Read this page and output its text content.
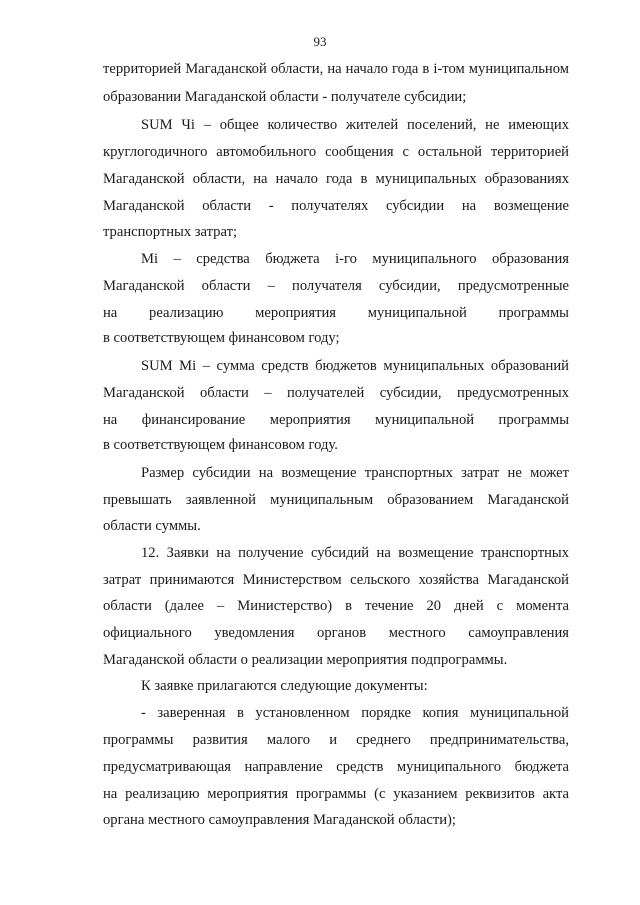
93
территорией Магаданской области, на начало года в i-том муниципальном
образовании Магаданской области - получателе субсидии;
SUM Чi – общее количество жителей поселений, не имеющих
круглогодичного автомобильного сообщения с остальной территорией
Магаданской области, на начало года в муниципальных образованиях
Магаданской области - получателях субсидии на возмещение
транспортных затрат;
Mi – средства бюджета i-го муниципального образования
Магаданской области – получателя субсидии, предусмотренные
на реализацию мероприятия муниципальной программы
в соответствующем финансовом году;
SUM Mi – сумма средств бюджетов муниципальных образований
Магаданской области – получателей субсидии, предусмотренных
на финансирование мероприятия муниципальной программы
в соответствующем финансовом году.
Размер субсидии на возмещение транспортных затрат не может
превышать заявленной муниципальным образованием Магаданской
области суммы.
12. Заявки на получение субсидий на возмещение транспортных
затрат принимаются Министерством сельского хозяйства Магаданской
области (далее – Министерство) в течение 20 дней с момента
официального уведомления органов местного самоуправления
Магаданской области о реализации мероприятия подпрограммы.
К заявке прилагаются следующие документы:
- заверенная в установленном порядке копия муниципальной
программы развития малого и среднего предпринимательства,
предусматривающая направление средств муниципального бюджета
на реализацию мероприятия программы (с указанием реквизитов акта
органа местного самоуправления Магаданской области);
